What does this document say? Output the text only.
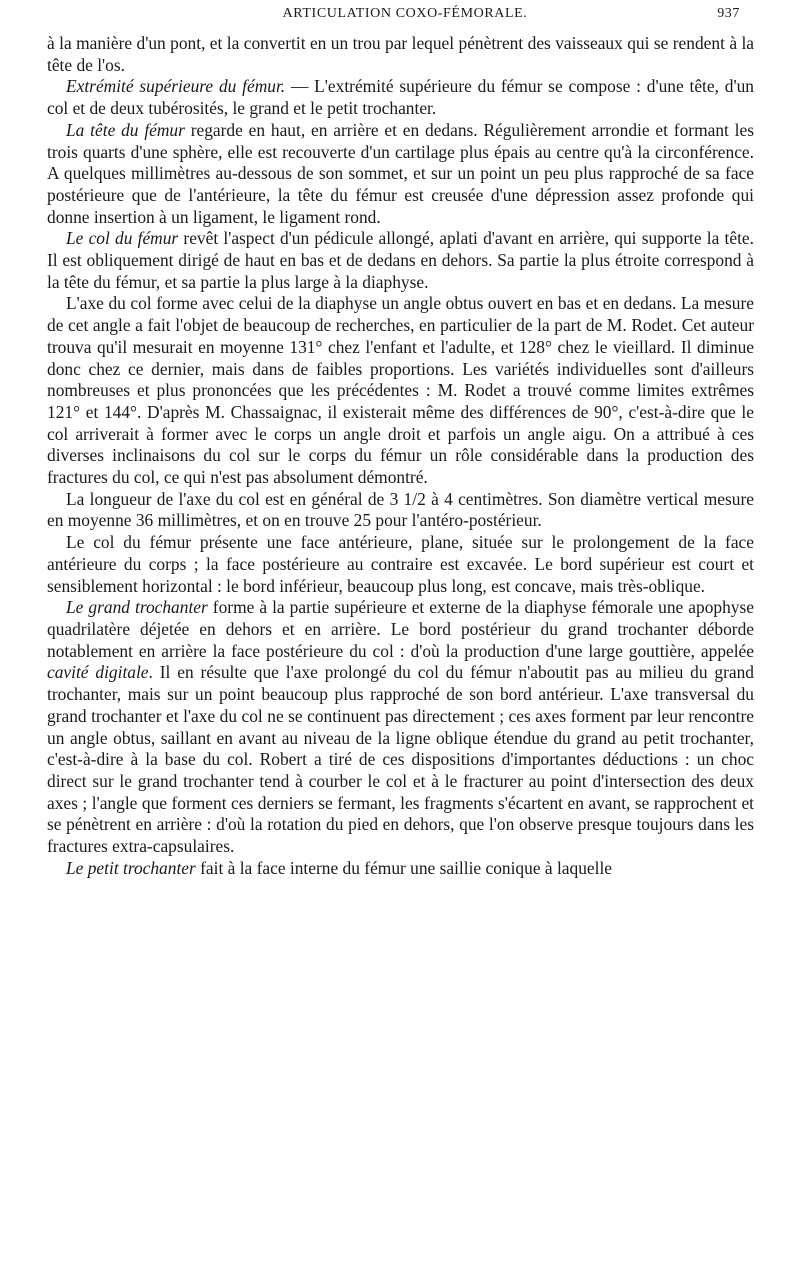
ARTICULATION COXO-FÉMORALE.	937

à la manière d'un pont, et la convertit en un trou par lequel pénètrent des vaisseaux qui se rendent à la tête de l'os.

Extrémité supérieure du fémur. — L'extrémité supérieure du fémur se compose : d'une tête, d'un col et de deux tubérosités, le grand et le petit trochanter.

La tête du fémur regarde en haut, en arrière et en dedans. Régulièrement arrondie et formant les trois quarts d'une sphère, elle est recouverte d'un cartilage plus épais au centre qu'à la circonférence. A quelques millimètres au-dessous de son sommet, et sur un point un peu plus rapproché de sa face postérieure que de l'antérieure, la tête du fémur est creusée d'une dépression assez profonde qui donne insertion à un ligament, le ligament rond.

Le col du fémur revêt l'aspect d'un pédicule allongé, aplati d'avant en arrière, qui supporte la tête. Il est obliquement dirigé de haut en bas et de dedans en dehors. Sa partie la plus étroite correspond à la tête du fémur, et sa partie la plus large à la diaphyse.

L'axe du col forme avec celui de la diaphyse un angle obtus ouvert en bas et en dedans. La mesure de cet angle a fait l'objet de beaucoup de recherches, en particulier de la part de M. Rodet. Cet auteur trouva qu'il mesurait en moyenne 131° chez l'enfant et l'adulte, et 128° chez le vieillard. Il diminue donc chez ce dernier, mais dans de faibles proportions. Les variétés individuelles sont d'ailleurs nombreuses et plus prononcées que les précédentes : M. Rodet a trouvé comme limites extrêmes 121° et 144°. D'après M. Chassaignac, il existerait même des différences de 90°, c'est-à-dire que le col arriverait à former avec le corps un angle droit et parfois un angle aigu. On a attribué à ces diverses inclinaisons du col sur le corps du fémur un rôle considérable dans la production des fractures du col, ce qui n'est pas absolument démontré.

La longueur de l'axe du col est en général de 3 1/2 à 4 centimètres. Son diamètre vertical mesure en moyenne 36 millimètres, et on en trouve 25 pour l'antéro-postérieur.

Le col du fémur présente une face antérieure, plane, située sur le prolongement de la face antérieure du corps ; la face postérieure au contraire est excavée. Le bord supérieur est court et sensiblement horizontal : le bord inférieur, beaucoup plus long, est concave, mais très-oblique.

Le grand trochanter forme à la partie supérieure et externe de la diaphyse fémorale une apophyse quadrilatère déjetée en dehors et en arrière. Le bord postérieur du grand trochanter déborde notablement en arrière la face postérieure du col : d'où la production d'une large gouttière, appelée cavité digitale. Il en résulte que l'axe prolongé du col du fémur n'aboutit pas au milieu du grand trochanter, mais sur un point beaucoup plus rapproché de son bord antérieur. L'axe transversal du grand trochanter et l'axe du col ne se continuent pas directement ; ces axes forment par leur rencontre un angle obtus, saillant en avant au niveau de la ligne oblique étendue du grand au petit trochanter, c'est-à-dire à la base du col. Robert a tiré de ces dispositions d'importantes déductions : un choc direct sur le grand trochanter tend à courber le col et à le fracturer au point d'intersection des deux axes ; l'angle que forment ces derniers se fermant, les fragments s'écartent en avant, se rapprochent et se pénètrent en arrière : d'où la rotation du pied en dehors, que l'on observe presque toujours dans les fractures extra-capsulaires.

Le petit trochanter fait à la face interne du fémur une saillie conique à laquelle
